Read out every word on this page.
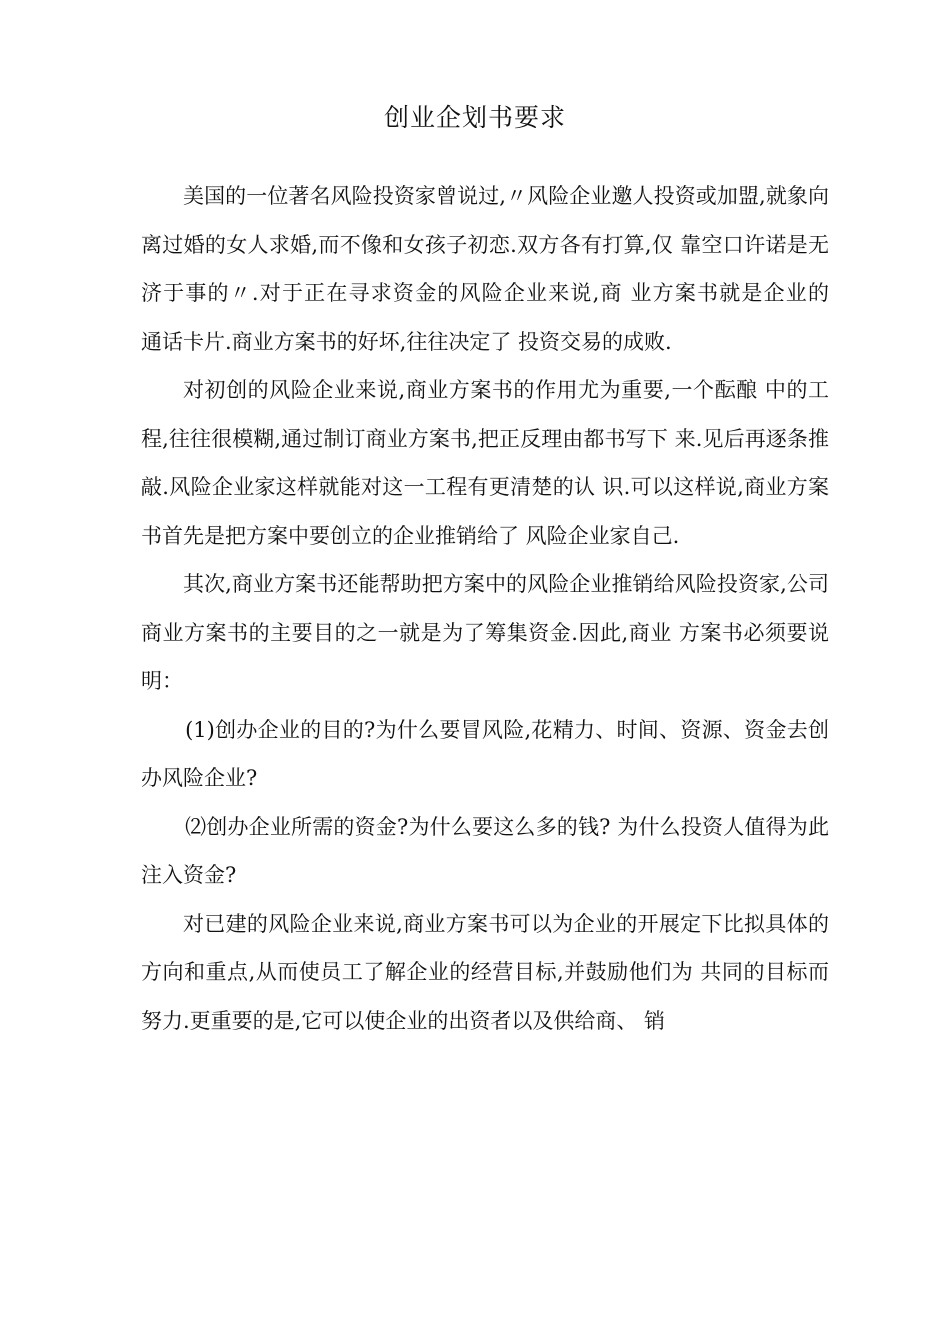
创业企划书要求

美国的一位著名风险投资家曾说过,〃风险企业邀人投资或加盟,就象向离过婚的女人求婚,而不像和女孩子初恋.双方各有打算,仅 靠空口许诺是无济于事的〃.对于正在寻求资金的风险企业来说,商 业方案书就是企业的　通话卡片.商业方案书的好坏,往往决定了 投资交易的成败.

对初创的风险企业来说,商业方案书的作用尤为重要,一个酝酿 中的工程,往往很模糊,通过制订商业方案书,把正反理由都书写下 来.见后再逐条推敲.风险企业家这样就能对这一工程有更清楚的认 识.可以这样说,商业方案书首先是把方案中要创立的企业推销给了 风险企业家自己.

其次,商业方案书还能帮助把方案中的风险企业推销给风险投资家,公司商业方案书的主要目的之一就是为了筹集资金.因此,商业 方案书必须要说明：

(1)创办企业的目的?为什么要冒风险,花精力、时间、资源、资金去创办风险企业?

⑵创办企业所需的资金?为什么要这么多的钱? 为什么投资人值得为此注入资金?

对已建的风险企业来说,商业方案书可以为企业的开展定下比拟具体的方向和重点,从而使员工了解企业的经营目标,并鼓励他们为 共同的目标而努力.更重要的是,它可以使企业的出资者以及供给商、 销
